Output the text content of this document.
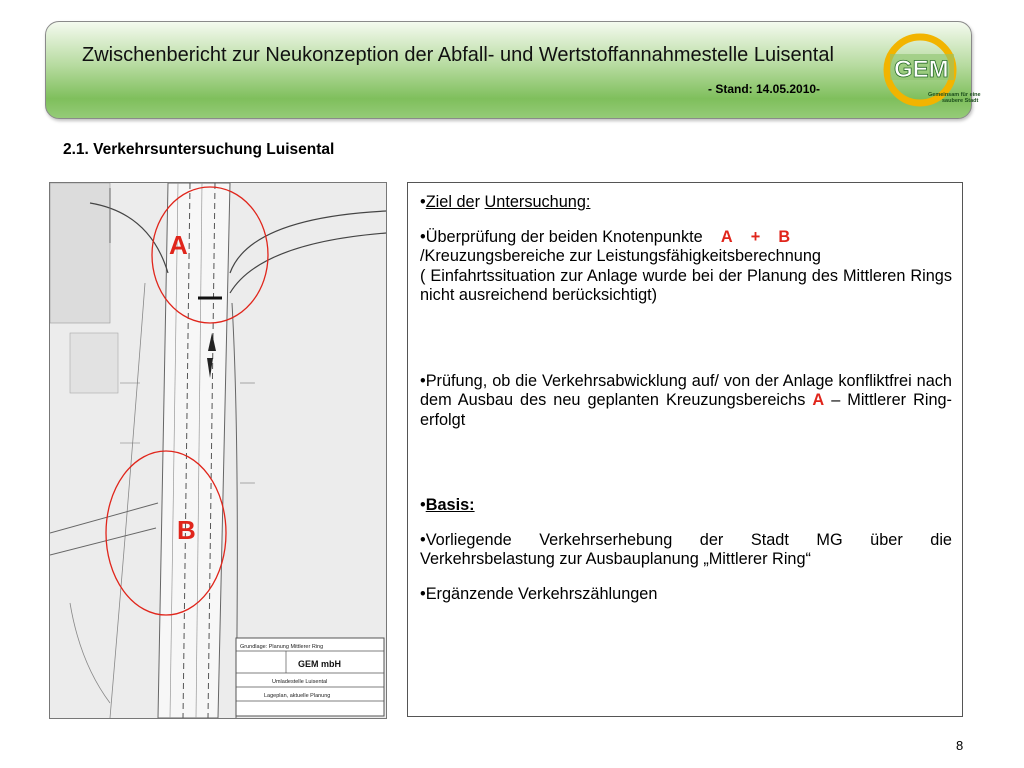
Zwischenbericht zur Neukonzeption der Abfall- und Wertstoffannahmestelle Luisental
- Stand: 14.05.2010-
GEM
Gemeinsam für eine
saubere Stadt
2.1. Verkehrsuntersuchung Luisental
Grundlage: Planung Mittlerer Ring
GEM mbH
Umladestelle Luisental
Lageplan, aktuelle Planung
A
B

•Ziel der Untersuchung:

•Überprüfung der beiden Knotenpunkte A + B
/Kreuzungsbereiche zur Leistungsfähigkeitsberechnung

( Einfahrtssituation zur Anlage wurde bei der Planung des Mittleren Rings nicht ausreichend berücksichtigt)

•Prüfung, ob die Verkehrsabwicklung auf/ von der Anlage konfliktfrei nach dem Ausbau des neu geplanten Kreuzungsbereichs A – Mittlerer Ring- erfolgt

•Basis:

•Vorliegende Verkehrserhebung der Stadt MG über die Verkehrsbelastung zur Ausbauplanung „Mittlerer Ring“

•Ergänzende Verkehrszählungen

8
